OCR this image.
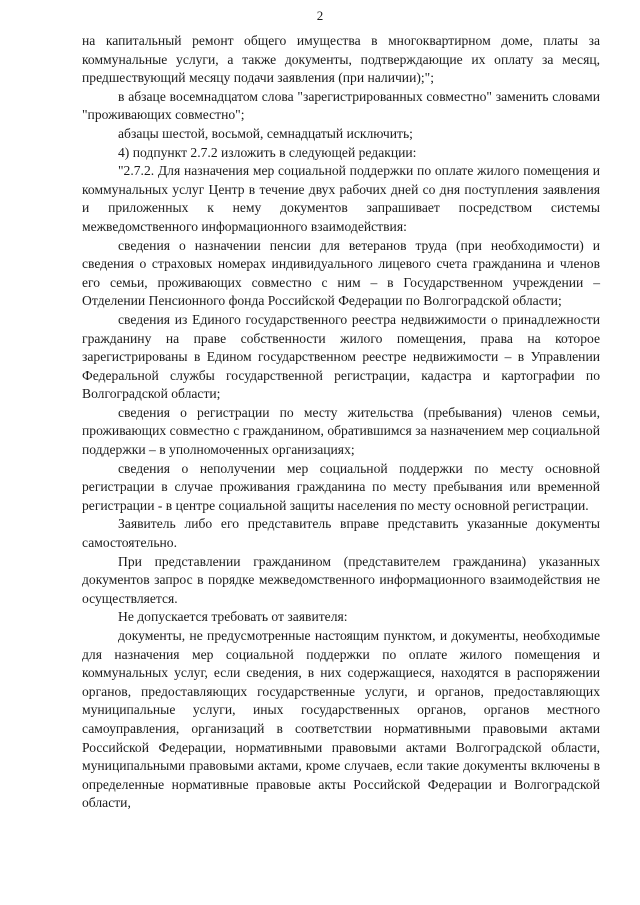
2

на капитальный ремонт общего имущества в многоквартирном доме, платы за коммунальные услуги, а также документы, подтверждающие их оплату за месяц, предшествующий месяцу подачи заявления (при наличии);";

в абзаце восемнадцатом слова "зарегистрированных совместно" заменить словами "проживающих совместно";

абзацы шестой, восьмой, семнадцатый исключить;

4) подпункт 2.7.2 изложить в следующей редакции:

"2.7.2. Для назначения мер социальной поддержки по оплате жилого помещения и коммунальных услуг Центр в течение двух рабочих дней со дня поступления заявления и приложенных к нему документов запрашивает посредством системы межведомственного информационного взаимодействия:

сведения о назначении пенсии для ветеранов труда (при необходимости) и сведения о страховых номерах индивидуального лицевого счета гражданина и членов его семьи, проживающих совместно с ним – в Государственном учреждении – Отделении Пенсионного фонда Российской Федерации по Волгоградской области;

сведения из Единого государственного реестра недвижимости о принадлежности гражданину на праве собственности жилого помещения, права на которое зарегистрированы в Едином государственном реестре недвижимости – в Управлении Федеральной службы государственной регистрации, кадастра и картографии по Волгоградской области;

сведения о регистрации по месту жительства (пребывания) членов семьи, проживающих совместно с гражданином, обратившимся за назначением мер социальной поддержки – в уполномоченных организациях;

сведения о неполучении мер социальной поддержки по месту основной регистрации в случае проживания гражданина по месту пребывания или временной регистрации - в центре социальной защиты населения по месту основной регистрации.

Заявитель либо его представитель вправе представить указанные документы самостоятельно.

При представлении гражданином (представителем гражданина) указанных документов запрос в порядке межведомственного информационного взаимодействия не осуществляется.

Не допускается требовать от заявителя:

документы, не предусмотренные настоящим пунктом, и документы, необходимые для назначения мер социальной поддержки по оплате жилого помещения и коммунальных услуг, если сведения, в них содержащиеся, находятся в распоряжении органов, предоставляющих государственные услуги, и органов, предоставляющих муниципальные услуги, иных государственных органов, органов местного самоуправления, организаций в соответствии нормативными правовыми актами Российской Федерации, нормативными правовыми актами Волгоградской области, муниципальными правовыми актами, кроме случаев, если такие документы включены в определенные нормативные правовые акты Российской Федерации и Волгоградской области,
